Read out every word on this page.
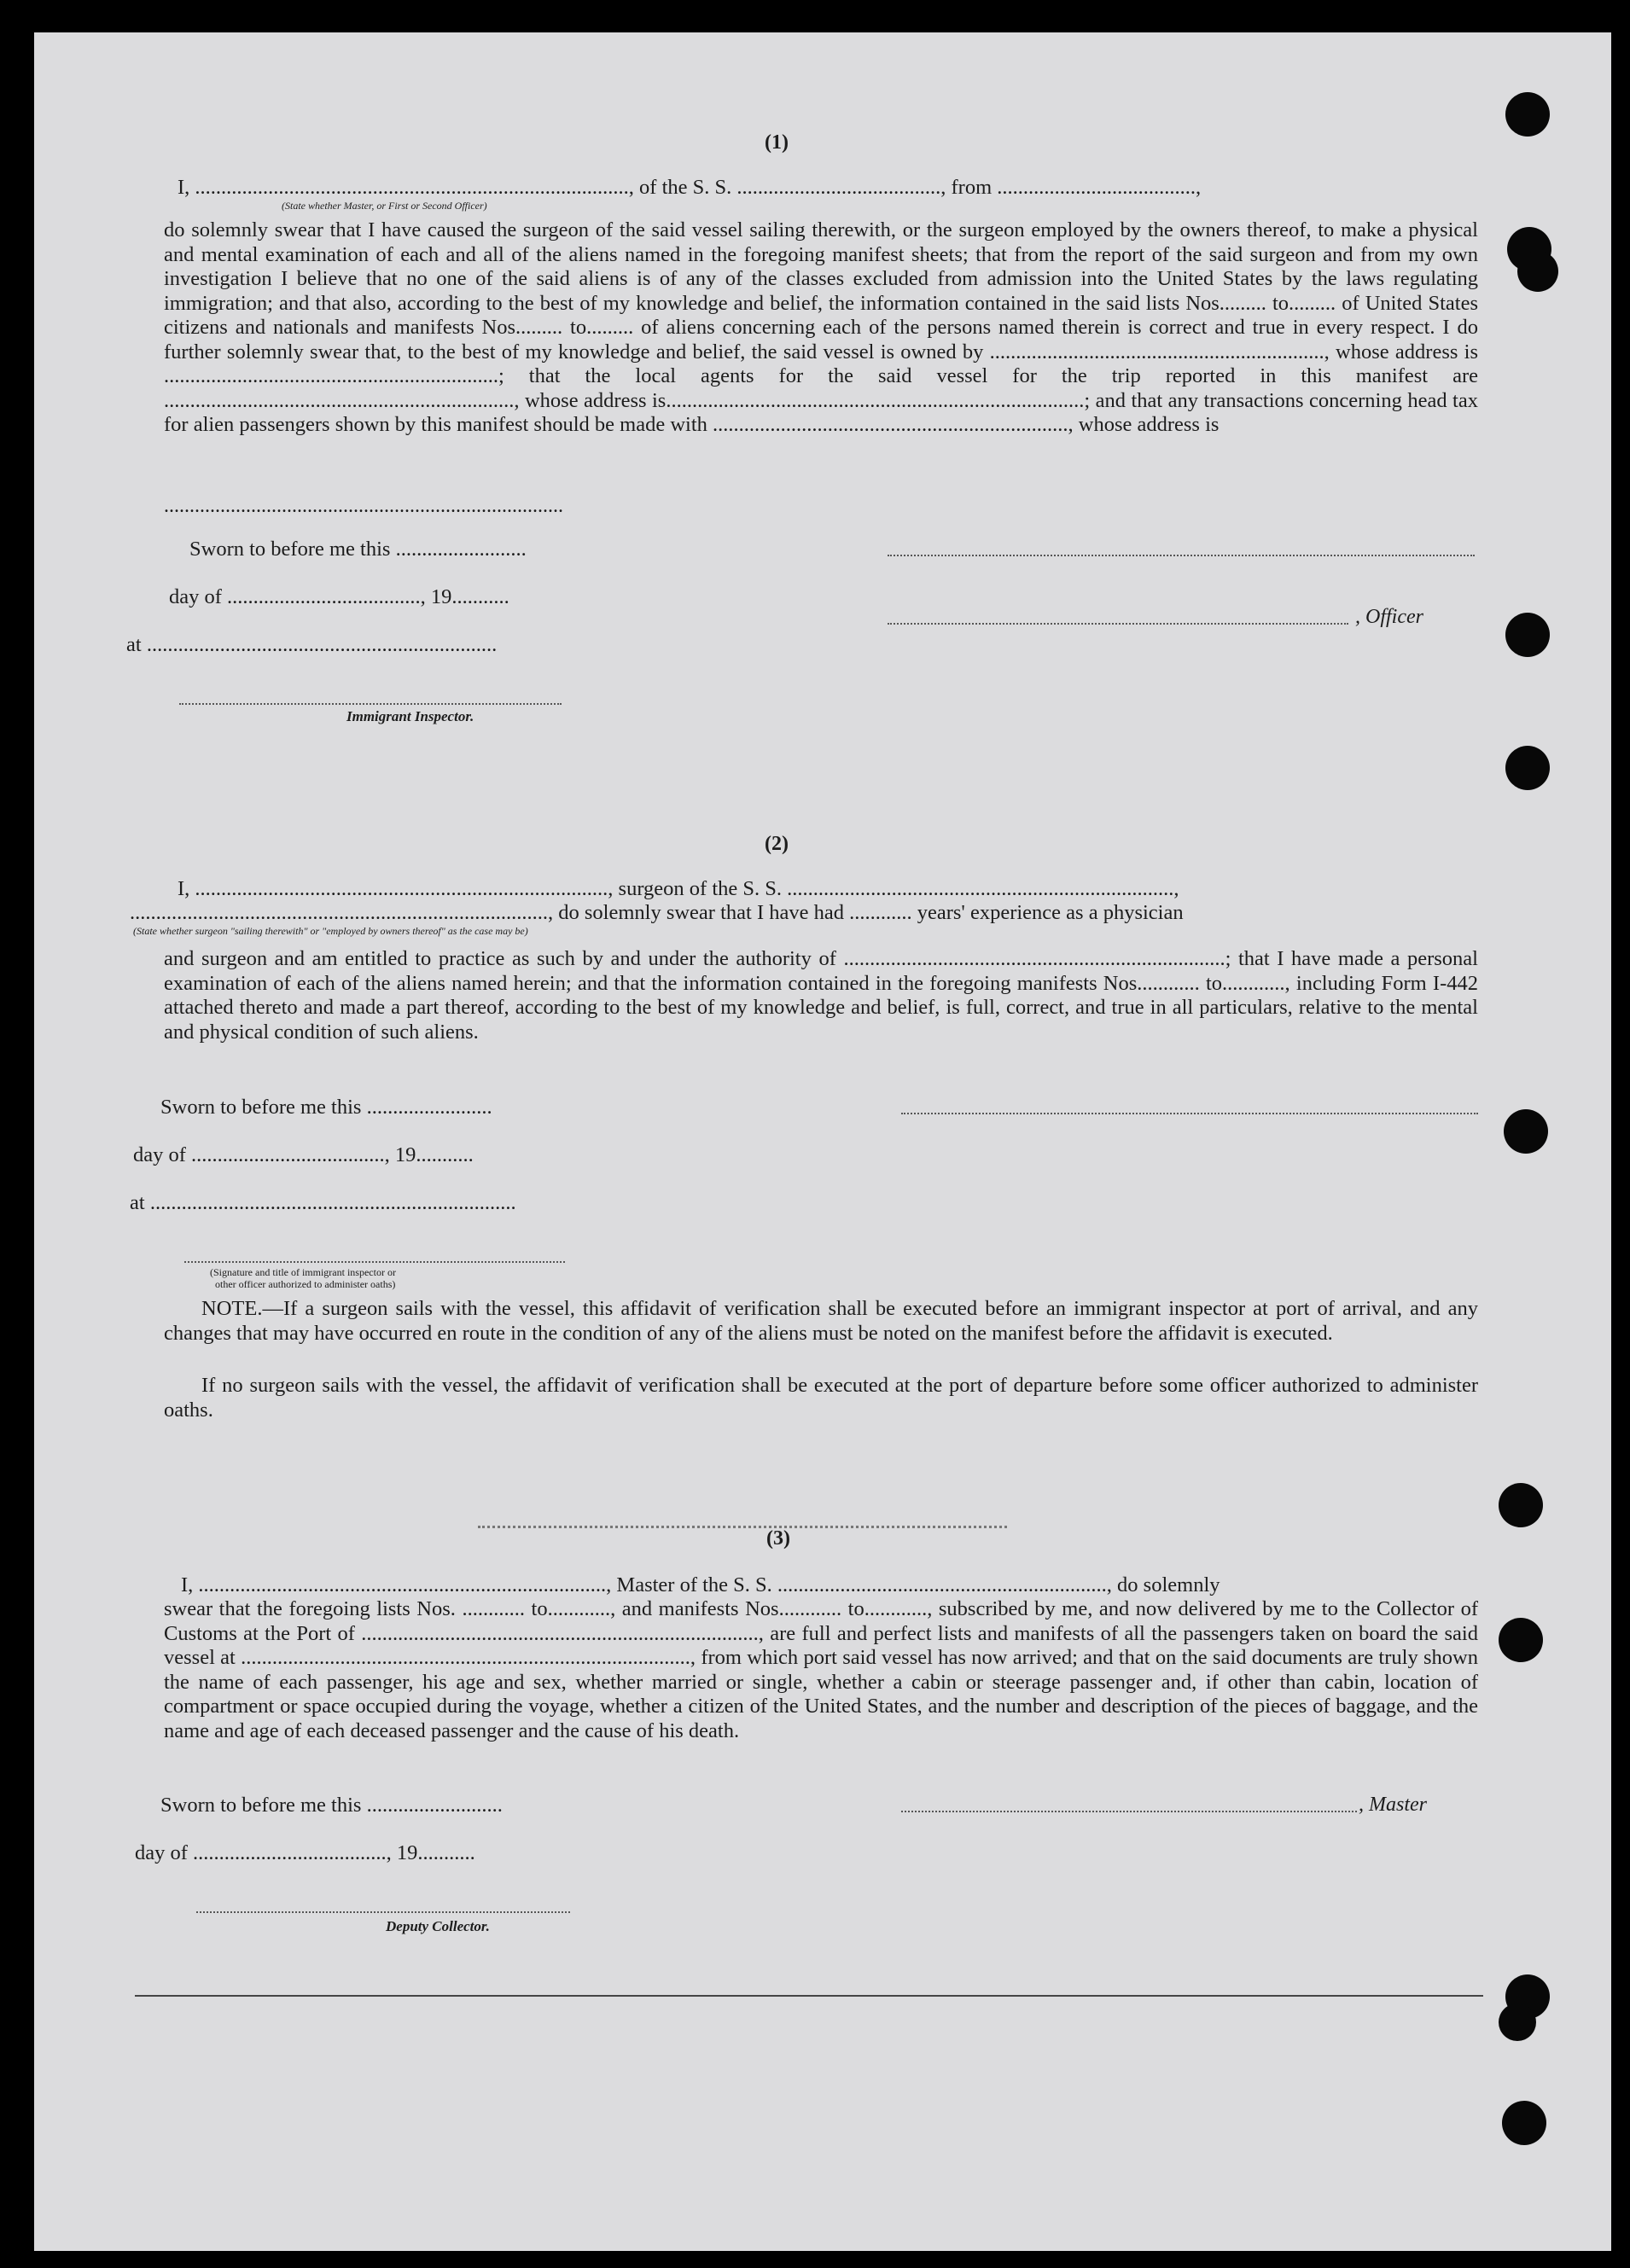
(1)
I, ..................................................................................., of the S. S. ......................................., from ......................................,
(State whether Master, or First or Second Officer)
do solemnly swear that I have caused the surgeon of the said vessel sailing therewith, or the surgeon employed by the owners thereof, to make a physical and mental examination of each and all of the aliens named in the foregoing manifest sheets; that from the report of the said surgeon and from my own investigation I believe that no one of the said aliens is of any of the classes excluded from admission into the United States by the laws regulating immigration; and that also, according to the best of my knowledge and belief, the information contained in the said lists Nos......... to......... of United States citizens and nationals and manifests Nos......... to......... of aliens concerning each of the persons named therein is correct and true in every respect. I do further solemnly swear that, to the best of my knowledge and belief, the said vessel is owned by ................................................................, whose address is ................................................................; that the local agents for the said vessel for the trip reported in this manifest are ..................................................................., whose address is................................................................................; and that any transactions concerning head tax for alien passengers shown by this manifest should be made with ...................................................................., whose address is
..............................................................................
Sworn to before me this .........................
day of ....................................., 19...........
, Officer
at ...................................................................
Immigrant Inspector.
(2)
I, ..............................................................................., surgeon of the S. S. ..........................................................................,
................................................................................, do solemnly swear that I have had ............ years' experience as a physician
(State whether surgeon "sailing therewith" or "employed by owners thereof" as the case may be)
and surgeon and am entitled to practice as such by and under the authority of .........................................................................; that I have made a personal examination of each of the aliens named herein; and that the information contained in the foregoing manifests Nos............ to............, including Form I-442 attached thereto and made a part thereof, according to the best of my knowledge and belief, is full, correct, and true in all particulars, relative to the mental and physical condition of such aliens.
Sworn to before me this ........................
day of ....................................., 19...........
at ......................................................................
(Signature and title of immigrant inspector or
other officer authorized to administer oaths)
NOTE.—If a surgeon sails with the vessel, this affidavit of verification shall be executed before an immigrant inspector at port of arrival, and any changes that may have occurred en route in the condition of any of the aliens must be noted on the manifest before the affidavit is executed.
If no surgeon sails with the vessel, the affidavit of verification shall be executed at the port of departure before some officer authorized to administer oaths.
(3)
I, .............................................................................., Master of the S. S. ..............................................................., do solemnly
swear that the foregoing lists Nos. ............ to............, and manifests Nos............ to............, subscribed by me, and now delivered by me to the Collector of Customs at the Port of ............................................................................, are full and perfect lists and manifests of all the passengers taken on board the said vessel at ......................................................................................, from which port said vessel has now arrived; and that on the said documents are truly shown the name of each passenger, his age and sex, whether married or single, whether a cabin or steerage passenger and, if other than cabin, location of compartment or space occupied during the voyage, whether a citizen of the United States, and the number and description of the pieces of baggage, and the name and age of each deceased passenger and the cause of his death.
Sworn to before me this ..........................	, Master
day of ....................................., 19...........
Deputy Collector.
